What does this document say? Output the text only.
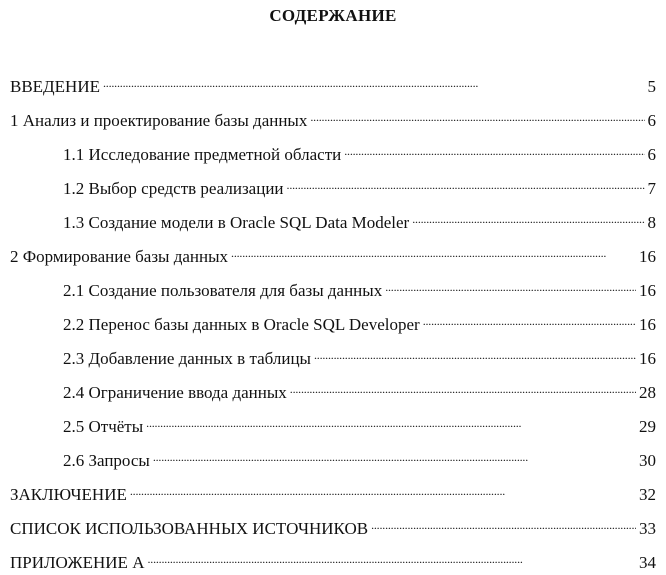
СОДЕРЖАНИЕ
ВВЕДЕНИЕ . . .	5
1 Анализ и проектирование базы данных . . .	6
1.1 Исследование предметной области . . .	6
1.2 Выбор средств реализации . . .	7
1.3 Создание модели в Oracle SQL Data Modeler . . .	8
2 Формирование базы данных . . .	16
2.1 Создание пользователя для базы данных . . .	16
2.2 Перенос базы данных в Oracle SQL Developer . . .	16
2.3 Добавление данных в таблицы . . .	16
2.4 Ограничение ввода данных . . .	28
2.5 Отчёты . . .	29
2.6 Запросы . . .	30
ЗАКЛЮЧЕНИЕ . . .	32
СПИСОК ИСПОЛЬЗОВАННЫХ ИСТОЧНИКОВ . . .	33
ПРИЛОЖЕНИЕ А . . .	34
